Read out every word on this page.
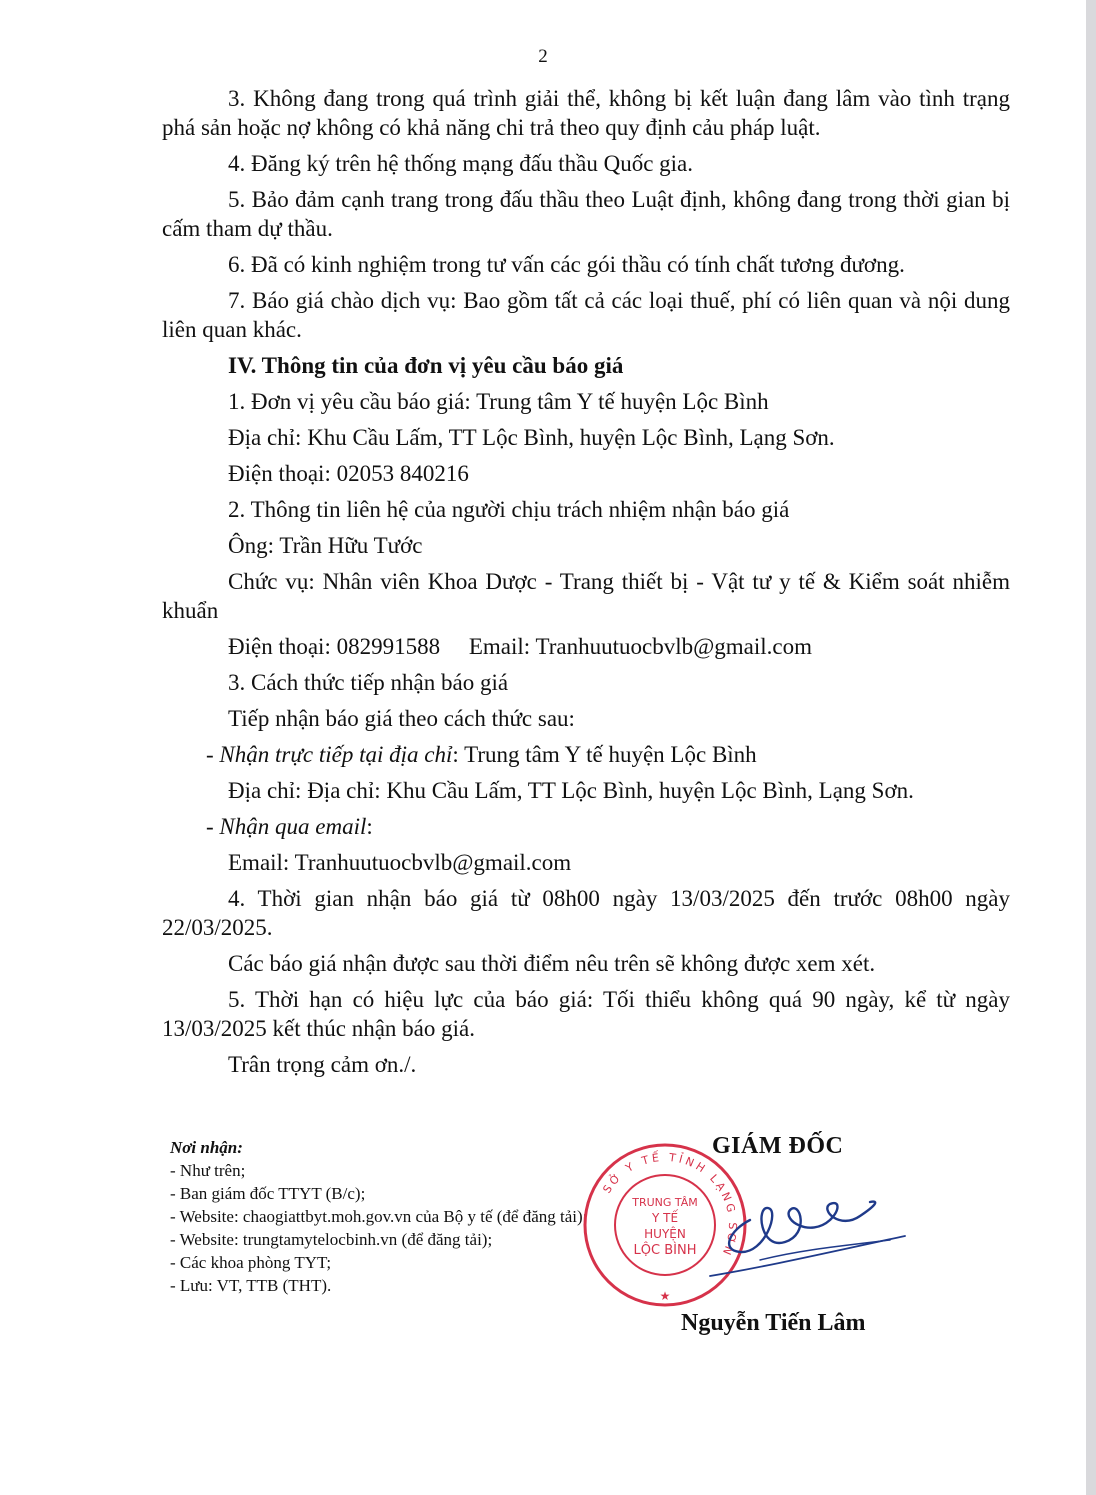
2

3. Không đang trong quá trình giải thể, không bị kết luận đang lâm vào tình trạng phá sản hoặc nợ không có khả năng chi trả theo quy định cảu pháp luật.

4. Đăng ký trên hệ thống mạng đấu thầu Quốc gia.

5. Bảo đảm cạnh trang trong đấu thầu theo Luật định, không đang trong thời gian bị cấm tham dự thầu.

6. Đã có kinh nghiệm trong tư vấn các gói thầu có tính chất tương đương.

7. Báo giá chào dịch vụ: Bao gồm tất cả các loại thuế, phí có liên quan và nội dung liên quan khác.

IV. Thông tin của đơn vị yêu cầu báo giá

1. Đơn vị yêu cầu báo giá: Trung tâm Y tế huyện Lộc Bình

Địa chỉ: Khu Cầu Lấm, TT Lộc Bình, huyện Lộc Bình, Lạng Sơn.

Điện thoại: 02053 840216

2. Thông tin liên hệ của người chịu trách nhiệm nhận báo giá

Ông: Trần Hữu Tước

Chức vụ: Nhân viên Khoa Dược - Trang thiết bị - Vật tư y tế & Kiểm soát nhiễm khuẩn

Điện thoại: 082991588     Email: Tranhuutuocbvlb@gmail.com

3. Cách thức tiếp nhận báo giá

Tiếp nhận báo giá theo cách thức sau:

- Nhận trực tiếp tại địa chỉ: Trung tâm Y tế huyện Lộc Bình

Địa chỉ: Địa chỉ: Khu Cầu Lấm, TT Lộc Bình, huyện Lộc Bình, Lạng Sơn.

- Nhận qua email:

Email: Tranhuutuocbvlb@gmail.com

4. Thời gian nhận báo giá từ 08h00 ngày 13/03/2025 đến trước 08h00 ngày 22/03/2025.

Các báo giá nhận được sau thời điểm nêu trên sẽ không được xem xét.

5. Thời hạn có hiệu lực của báo giá: Tối thiểu không quá 90 ngày, kể từ ngày 13/03/2025 kết thúc nhận báo giá.

Trân trọng cảm ơn./.

Nơi nhận:
- Như trên;
- Ban giám đốc TTYT (B/c);
- Website: chaogiattbyt.moh.gov.vn của Bộ y tế (để đăng tải);
- Website: trungtamytelocbinh.vn (để đăng tải);
- Các khoa phòng TYT;
- Lưu: VT, TTB (THT).
GIÁM ĐỐC
SỞ Y TẾ TỈNH LẠNG SƠN
TRUNG TÂM
Y TẾ
HUYỆN
LỘC BÌNH
★
Nguyễn Tiến Lâm
